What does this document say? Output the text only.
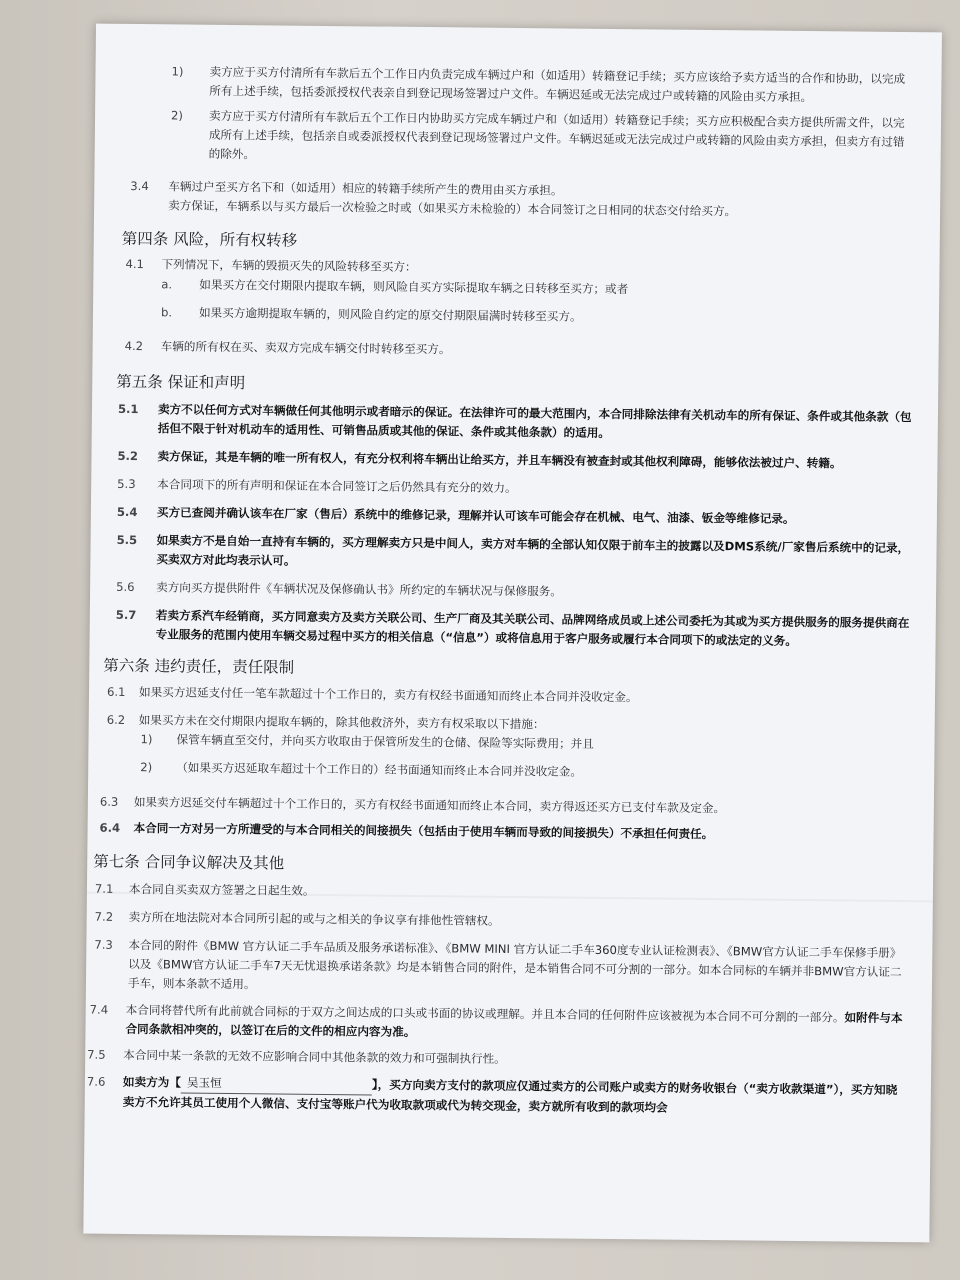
1)	卖方应于买方付清所有车款后五个工作日内负责完成车辆过户和（如适用）转籍登记手续；买方应该给予卖方适当的合作和协助，以完成所有上述手续，包括委派授权代表亲自到登记现场签署过户文件。车辆迟延或无法完成过户或转籍的风险由买方承担。
2)	卖方应于买方付清所有车款后五个工作日内协助买方完成车辆过户和（如适用）转籍登记手续；买方应积极配合卖方提供所需文件，以完成所有上述手续，包括亲自或委派授权代表到登记现场签署过户文件。车辆迟延或无法完成过户或转籍的风险由卖方承担，但卖方有过错的除外。
3.4	车辆过户至买方名下和（如适用）相应的转籍手续所产生的费用由买方承担。
卖方保证，车辆系以与买方最后一次检验之时或（如果买方未检验的）本合同签订之日相同的状态交付给买方。
第四条 风险，所有权转移
4.1	下列情况下，车辆的毁损灭失的风险转移至买方：
a.	如果买方在交付期限内提取车辆，则风险自买方实际提取车辆之日转移至买方；或者
b.	如果买方逾期提取车辆的，则风险自约定的原交付期限届满时转移至买方。
4.2	车辆的所有权在买、卖双方完成车辆交付时转移至买方。
第五条 保证和声明
5.1	卖方不以任何方式对车辆做任何其他明示或者暗示的保证。在法律许可的最大范围内，本合同排除法律有关机动车的所有保证、条件或其他条款（包括但不限于针对机动车的适用性、可销售品质或其他的保证、条件或其他条款）的适用。
5.2	卖方保证，其是车辆的唯一所有权人，有充分权利将车辆出让给买方，并且车辆没有被查封或其他权利障碍，能够依法被过户、转籍。
5.3	本合同项下的所有声明和保证在本合同签订之后仍然具有充分的效力。
5.4	买方已查阅并确认该车在厂家（售后）系统中的维修记录，理解并认可该车可能会存在机械、电气、油漆、钣金等维修记录。
5.5	如果卖方不是自始一直持有车辆的，买方理解卖方只是中间人，卖方对车辆的全部认知仅限于前车主的披露以及DMS系统/厂家售后系统中的记录，买卖双方对此均表示认可。
5.6	卖方向买方提供附件《车辆状况及保修确认书》所约定的车辆状况与保修服务。
5.7	若卖方系汽车经销商，买方同意卖方及卖方关联公司、生产厂商及其关联公司、品牌网络成员或上述公司委托为其或为买方提供服务的服务提供商在专业服务的范围内使用车辆交易过程中买方的相关信息（“信息”）或将信息用于客户服务或履行本合同项下的或法定的义务。
第六条 违约责任，责任限制
6.1	如果买方迟延支付任一笔车款超过十个工作日的，卖方有权经书面通知而终止本合同并没收定金。
6.2	如果买方未在交付期限内提取车辆的，除其他救济外，卖方有权采取以下措施：
1)	保管车辆直至交付，并向买方收取由于保管所发生的仓储、保险等实际费用；并且
2)	（如果买方迟延取车超过十个工作日的）经书面通知而终止本合同并没收定金。
6.3	如果卖方迟延交付车辆超过十个工作日的，买方有权经书面通知而终止本合同，卖方得返还买方已支付车款及定金。
6.4	本合同一方对另一方所遭受的与本合同相关的间接损失（包括由于使用车辆而导致的间接损失）不承担任何责任。
第七条 合同争议解决及其他
7.1	本合同自买卖双方签署之日起生效。
7.2	卖方所在地法院对本合同所引起的或与之相关的争议享有排他性管辖权。
7.3	本合同的附件《BMW 官方认证二手车品质及服务承诺标准》、《BMW MINI 官方认证二手车360度专业认证检测表》、《BMW官方认证二手车保修手册》以及《BMW官方认证二手车7天无忧退换承诺条款》均是本销售合同的附件，是本销售合同不可分割的一部分。如本合同标的车辆并非BMW官方认证二手车，则本条款不适用。
7.4	本合同将替代所有此前就合同标的于双方之间达成的口头或书面的协议或理解。并且本合同的任何附件应该被视为本合同不可分割的一部分。如附件与本合同条款相冲突的，以签订在后的文件的相应内容为准。
7.5	本合同中某一条款的无效不应影响合同中其他条款的效力和可强制执行性。
7.6	如卖方为【 吴玉恒	】，买方向卖方支付的款项应仅通过卖方的公司账户或卖方的财务收银台（“卖方收款渠道”），买方知晓卖方不允许其员工使用个人微信、支付宝等账户代为收取款项或代为转交现金，卖方就所有收到的款项均会
